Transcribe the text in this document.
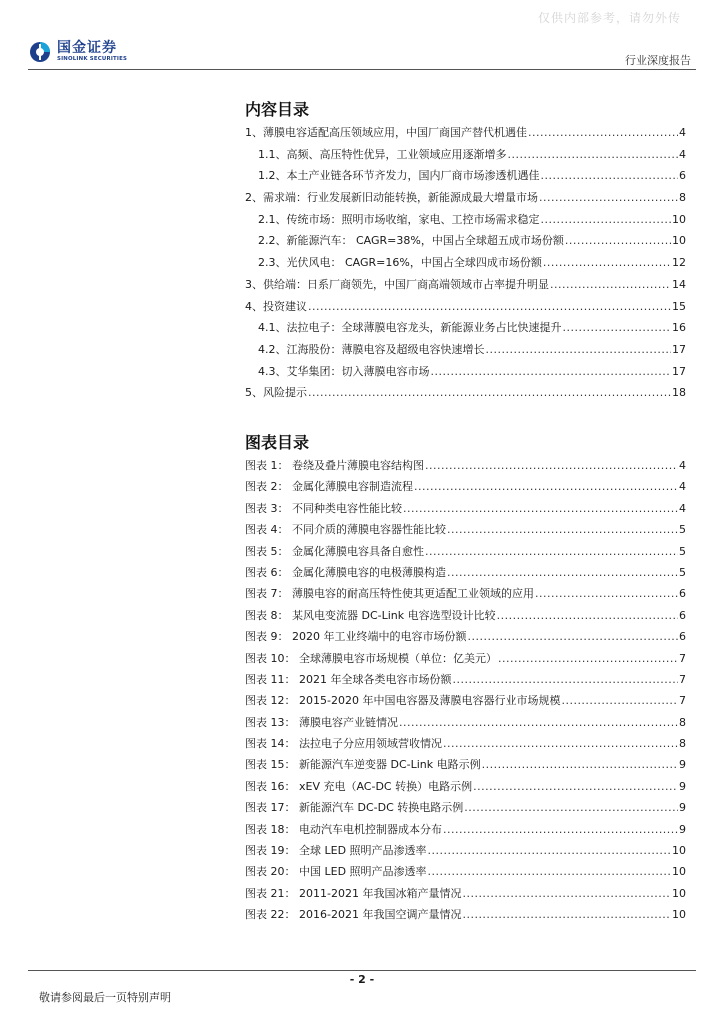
仅供内部参考，请勿外传
国金证券
SINOLINK SECURITIES	行业深度报告
内容目录
1、薄膜电容适配高压领域应用，中国厂商国产替代机遇佳 .....	4
1.1、高频、高压特性优异，工业领域应用逐渐增多 .....	4
1.2、本土产业链各环节齐发力，国内厂商市场渗透机遇佳 .....	6
2、需求端：行业发展新旧动能转换，新能源成最大增量市场 .....	8
2.1、传统市场：照明市场收缩，家电、工控市场需求稳定 .....	10
2.2、新能源汽车： CAGR=38%，中国占全球超五成市场份额 .....	10
2.3、光伏风电： CAGR=16%，中国占全球四成市场份额 .....	12
3、供给端：日系厂商领先，中国厂商高端领域市占率提升明显 .....	14
4、投资建议 .....	15
4.1、法拉电子：全球薄膜电容龙头，新能源业务占比快速提升 .....	16
4.2、江海股份：薄膜电容及超级电容快速增长 .....	17
4.3、艾华集团：切入薄膜电容市场 .....	17
5、风险提示 .....	18
图表目录
图表 1： 卷绕及叠片薄膜电容结构图 .....	4
图表 2： 金属化薄膜电容制造流程 .....	4
图表 3： 不同种类电容性能比较 .....	4
图表 4： 不同介质的薄膜电容器性能比较 .....	5
图表 5： 金属化薄膜电容具备自愈性 .....	5
图表 6： 金属化薄膜电容的电极薄膜构造 .....	5
图表 7： 薄膜电容的耐高压特性使其更适配工业领域的应用 .....	6
图表 8： 某风电变流器 DC-Link 电容选型设计比较 .....	6
图表 9： 2020 年工业终端中的电容市场份额 .....	6
图表 10： 全球薄膜电容市场规模（单位：亿美元） .....	7
图表 11： 2021 年全球各类电容市场份额 .....	7
图表 12： 2015-2020 年中国电容器及薄膜电容器行业市场规模 .....	7
图表 13： 薄膜电容产业链情况 .....	8
图表 14： 法拉电子分应用领域营收情况 .....	8
图表 15： 新能源汽车逆变器 DC-Link 电路示例 .....	9
图表 16： xEV 充电（AC-DC 转换）电路示例 .....	9
图表 17： 新能源汽车 DC-DC 转换电路示例 .....	9
图表 18： 电动汽车电机控制器成本分布 .....	9
图表 19： 全球 LED 照明产品渗透率 .....	10
图表 20： 中国 LED 照明产品渗透率 .....	10
图表 21： 2011-2021 年我国冰箱产量情况 .....	10
图表 22： 2016-2021 年我国空调产量情况 .....	10
- 2 -
敬请参阅最后一页特别声明
